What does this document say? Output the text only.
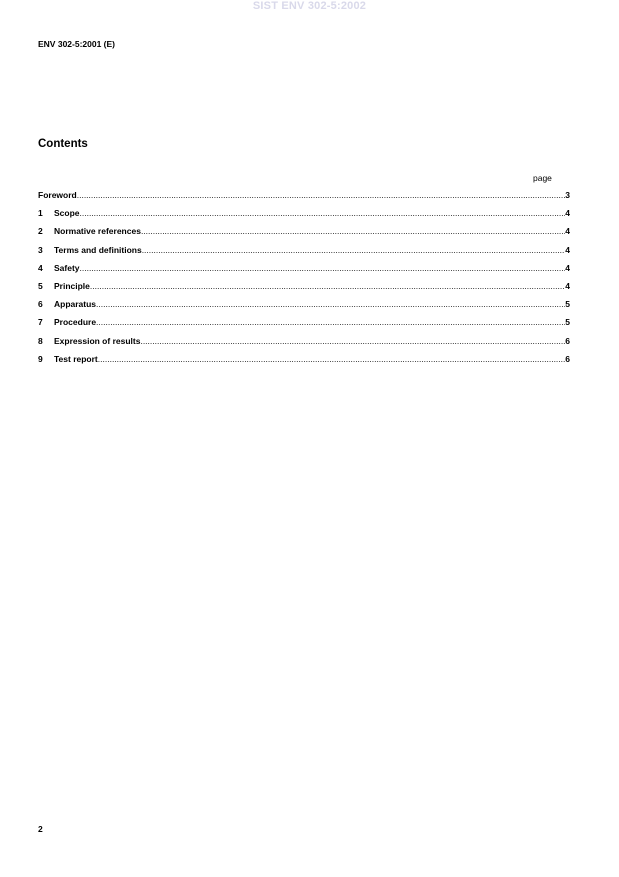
SIST ENV 302-5:2002
ENV 302-5:2001 (E)
Contents
page
Foreword .....	3
1	Scope .....	4
2	Normative references .....	4
3	Terms and definitions .....	4
4	Safety .....	4
5	Principle .....	4
6	Apparatus .....	5
7	Procedure .....	5
8	Expression of results .....	6
9	Test report .....	6
2
